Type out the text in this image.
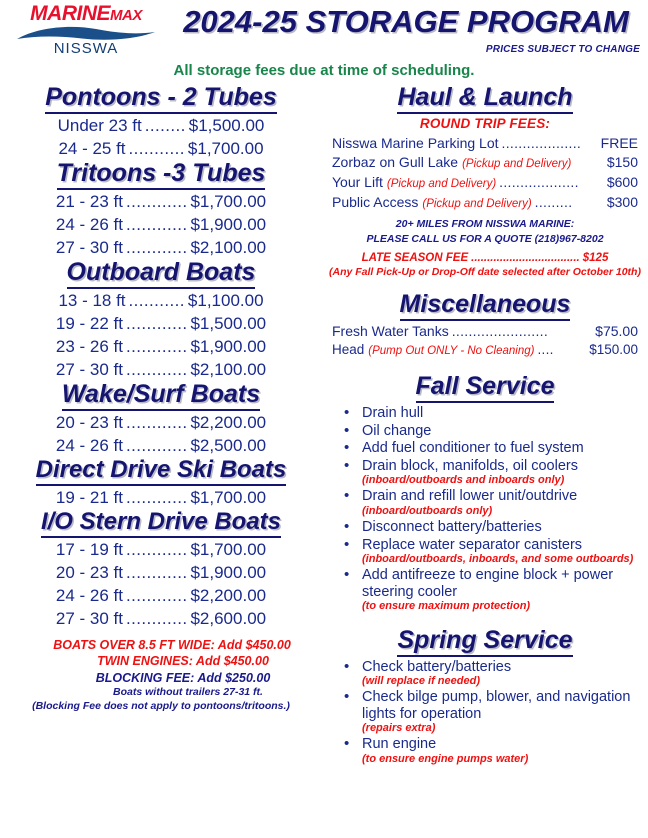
MARINEMAX
NISSWA
2024-25 STORAGE PROGRAM
PRICES SUBJECT TO CHANGE
All storage fees due at time of scheduling.
Pontoons - 2 Tubes
Under 23 ft ........ $1,500.00
24 - 25 ft ........... $1,700.00
Tritoons -3 Tubes
21 - 23 ft ............ $1,700.00
24 - 26 ft ............ $1,900.00
27 - 30 ft ............ $2,100.00
Outboard Boats
13 - 18 ft ........... $1,100.00
19 - 22 ft ............ $1,500.00
23 - 26 ft ............ $1,900.00
27 - 30 ft ............ $2,100.00
Wake/Surf Boats
20 - 23 ft ............ $2,200.00
24 - 26 ft ............ $2,500.00
Direct Drive Ski Boats
19 - 21 ft ............ $1,700.00
I/O Stern Drive Boats
17 - 19 ft ............ $1,700.00
20 - 23 ft ............ $1,900.00
24 - 26 ft ............ $2,200.00
27 - 30 ft ............ $2,600.00
BOATS OVER 8.5 FT WIDE: Add $450.00
TWIN ENGINES: Add $450.00
BLOCKING FEE: Add $250.00
Boats without trailers 27-31 ft.
(Blocking Fee does not apply to pontoons/tritoons.)
Haul & Launch
ROUND TRIP FEES:
Nisswa Marine Parking Lot ...................	FREE
Zorbaz on Gull Lake (Pickup and Delivery)	$150
Your Lift (Pickup and Delivery) ...................	$600
Public Access (Pickup and Delivery) .........	$300
20+ MILES FROM NISSWA MARINE:
PLEASE CALL US FOR A QUOTE (218)967-8202
LATE SEASON FEE .................................. $125
(Any Fall Pick-Up or Drop-Off date selected after October 10th)
Miscellaneous
Fresh Water Tanks .......................	$75.00
Head (Pump Out ONLY - No Cleaning) ....	$150.00
Fall Service
• Drain hull
• Oil change
• Add fuel conditioner to fuel system
• Drain block, manifolds, oil coolers
(inboard/outboards and inboards only)
• Drain and refill lower unit/outdrive
(inboard/outboards only)
• Disconnect battery/batteries
• Replace water separator canisters
(inboard/outboards, inboards, and some outboards)
• Add antifreeze to engine block + power steering cooler
(to ensure maximum protection)
Spring Service
• Check battery/batteries
(will replace if needed)
• Check bilge pump, blower, and navigation lights for operation
(repairs extra)
• Run engine
(to ensure engine pumps water)
